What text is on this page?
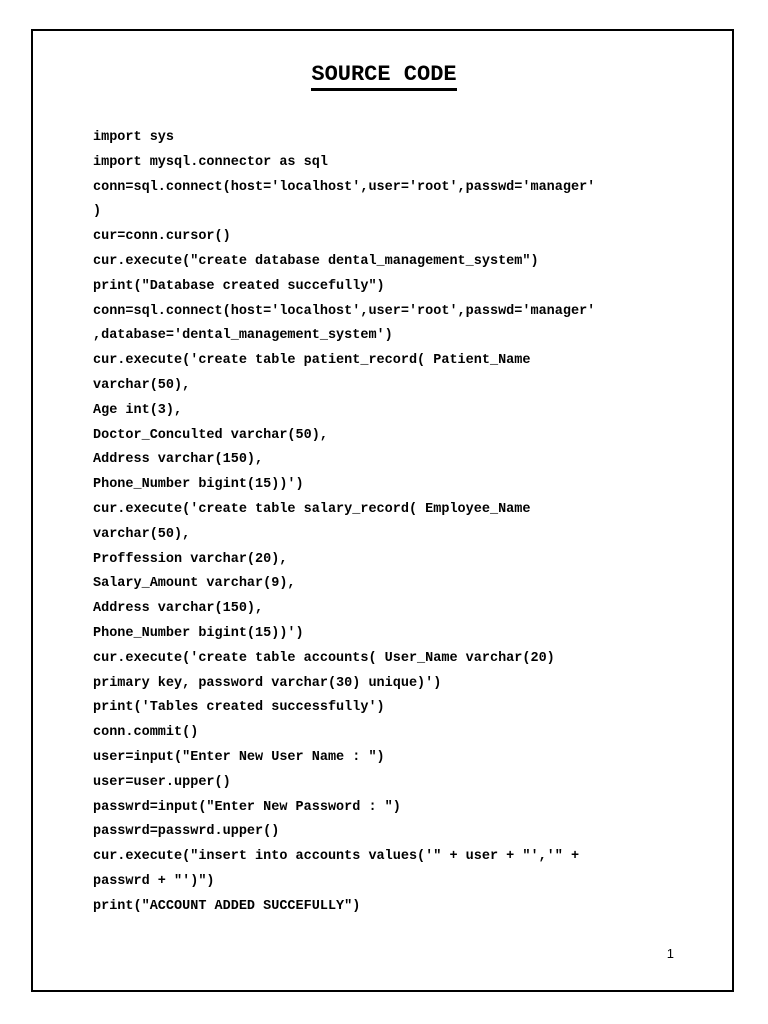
SOURCE CODE
import sys
import mysql.connector as sql
conn=sql.connect(host='localhost',user='root',passwd='manager'
)
cur=conn.cursor()
cur.execute("create database dental_management_system")
print("Database created succefully")
conn=sql.connect(host='localhost',user='root',passwd='manager'
,database='dental_management_system')
cur.execute('create table patient_record( Patient_Name
varchar(50),
Age int(3),
Doctor_Conculted varchar(50),
Address varchar(150),
Phone_Number bigint(15))')
cur.execute('create table salary_record( Employee_Name
varchar(50),
Proffession varchar(20),
Salary_Amount varchar(9),
Address varchar(150),
Phone_Number bigint(15))')
cur.execute('create table accounts( User_Name varchar(20)
primary key, password varchar(30) unique)')
print('Tables created successfully')
conn.commit()
user=input("Enter New User Name : ")
user=user.upper()
passwrd=input("Enter New Password : ")
passwrd=passwrd.upper()
cur.execute("insert into accounts values('" + user + "','" +
passwrd + "')")
print("ACCOUNT ADDED SUCCEFULLY")
1
